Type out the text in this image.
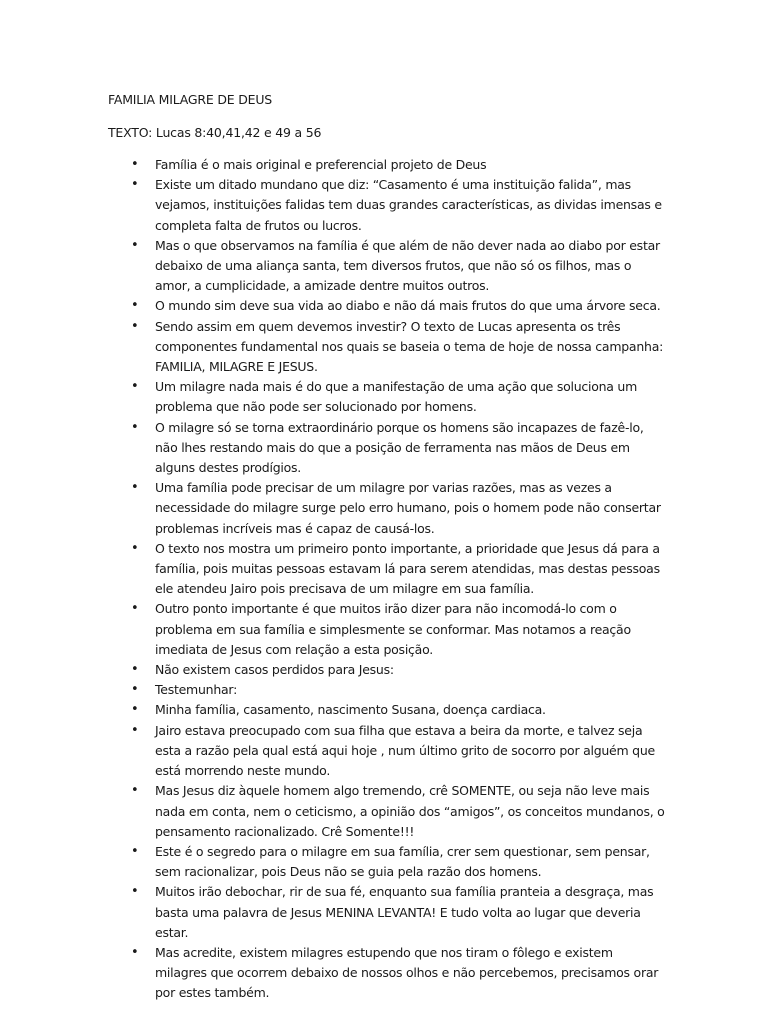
FAMILIA MILAGRE DE DEUS
TEXTO: Lucas 8:40,41,42 e 49 a 56
• Família é o mais original e preferencial projeto de Deus
• Existe um ditado mundano que diz: “Casamento é uma instituição falida”, mas vejamos, instituições falidas tem duas grandes características, as dividas imensas e completa falta de frutos ou lucros.
• Mas o que observamos na família é que além de não dever nada ao diabo por estar debaixo de uma aliança santa, tem diversos frutos, que não só os filhos, mas o amor, a cumplicidade, a amizade dentre muitos outros.
• O mundo sim deve sua vida ao diabo e não dá mais frutos do que uma árvore seca.
• Sendo assim em quem devemos investir? O texto de Lucas apresenta os três componentes fundamental nos quais se baseia o tema de hoje de nossa campanha: FAMILIA, MILAGRE E JESUS.
• Um milagre nada mais é do que a manifestação de uma ação que soluciona um problema que não pode ser solucionado por homens.
• O milagre só se torna extraordinário porque os homens são incapazes de fazê-lo, não lhes restando mais do que a posição de ferramenta nas mãos de Deus em alguns destes prodígios.
• Uma família pode precisar de um milagre por varias razões, mas as vezes a necessidade do milagre surge pelo erro humano, pois o homem pode não consertar problemas incríveis mas é capaz de causá-los.
• O texto nos mostra um primeiro ponto importante, a prioridade que Jesus dá para a família, pois muitas pessoas estavam lá para serem atendidas, mas destas pessoas ele atendeu Jairo pois precisava de um milagre em sua família.
• Outro ponto importante é que muitos irão dizer para não incomodá-lo com o problema em sua família e simplesmente se conformar. Mas notamos a reação imediata de Jesus com relação a esta posição.
• Não existem casos perdidos para Jesus:
• Testemunhar:
• Minha família, casamento, nascimento Susana, doença cardiaca.
• Jairo estava preocupado com sua filha que estava a beira da morte, e talvez seja esta a razão pela qual está aqui hoje , num último grito de socorro por alguém que está morrendo neste mundo.
• Mas Jesus diz àquele homem algo tremendo, crê SOMENTE, ou seja não leve mais nada em conta, nem o ceticismo, a opinião dos “amigos”, os conceitos mundanos, o pensamento racionalizado. Crê Somente!!!
• Este é o segredo para o milagre em sua família, crer sem questionar, sem pensar, sem racionalizar, pois Deus não se guia pela razão dos homens.
• Muitos irão debochar, rir de sua fé, enquanto sua família pranteia a desgraça, mas basta uma palavra de Jesus MENINA LEVANTA! E tudo volta ao lugar que deveria estar.
• Mas acredite, existem milagres estupendo que nos tiram o fôlego e existem milagres que ocorrem debaixo de nossos olhos e não percebemos, precisamos orar por estes também.
